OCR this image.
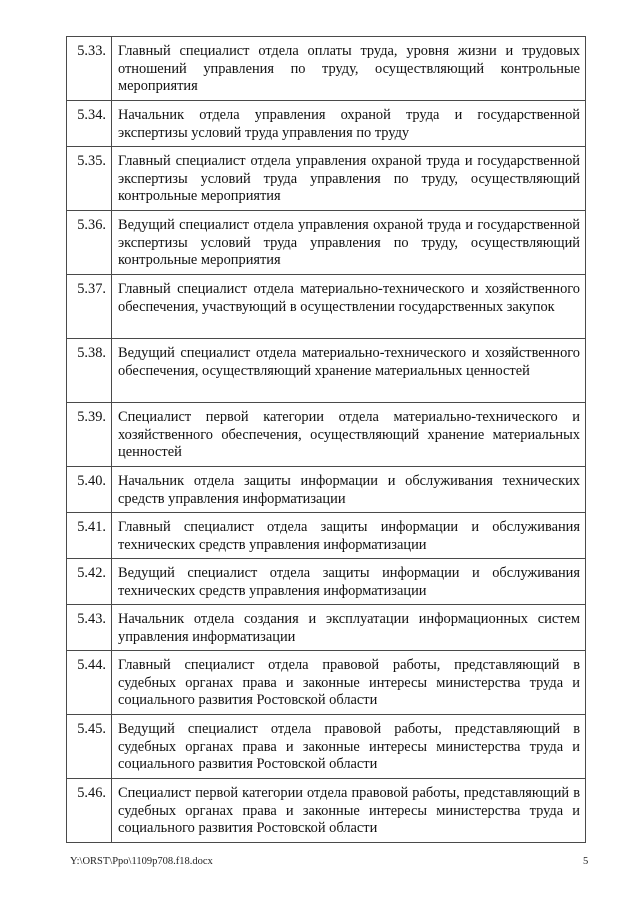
5.33.	Главный специалист отдела оплаты труда, уровня жизни и трудовых отношений управления по труду, осуществляющий контрольные мероприятия
5.34.	Начальник отдела управления охраной труда и государственной экспертизы условий труда управления по труду
5.35.	Главный специалист отдела управления охраной труда и государственной экспертизы условий труда управления по труду, осуществляющий контрольные мероприятия
5.36.	Ведущий специалист отдела управления охраной труда и государственной экспертизы условий труда управления по труду, осуществляющий контрольные мероприятия
5.37.	Главный специалист отдела материально-технического и хозяйственного обеспечения, участвующий в осуществлении государственных закупок
5.38.	Ведущий специалист отдела материально-технического и хозяйственного обеспечения, осуществляющий хранение материальных ценностей
5.39.	Специалист первой категории отдела материально-технического и хозяйственного обеспечения, осуществляющий хранение материальных ценностей
5.40.	Начальник отдела защиты информации и обслуживания технических средств управления информатизации
5.41.	Главный специалист отдела защиты информации и обслуживания технических средств управления информатизации
5.42.	Ведущий специалист отдела защиты информации и обслуживания технических средств управления информатизации
5.43.	Начальник отдела создания и эксплуатации информационных систем управления информатизации
5.44.	Главный специалист отдела правовой работы, представляющий в судебных органах права и законные интересы министерства труда и социального развития Ростовской области
5.45.	Ведущий специалист отдела правовой работы, представляющий в судебных органах права и законные интересы министерства труда и социального развития Ростовской области
5.46.	Специалист первой категории отдела правовой работы, представляющий в судебных органах права и законные интересы министерства труда и социального развития Ростовской области
Y:\ORST\Ppo\1109p708.f18.docx	5
